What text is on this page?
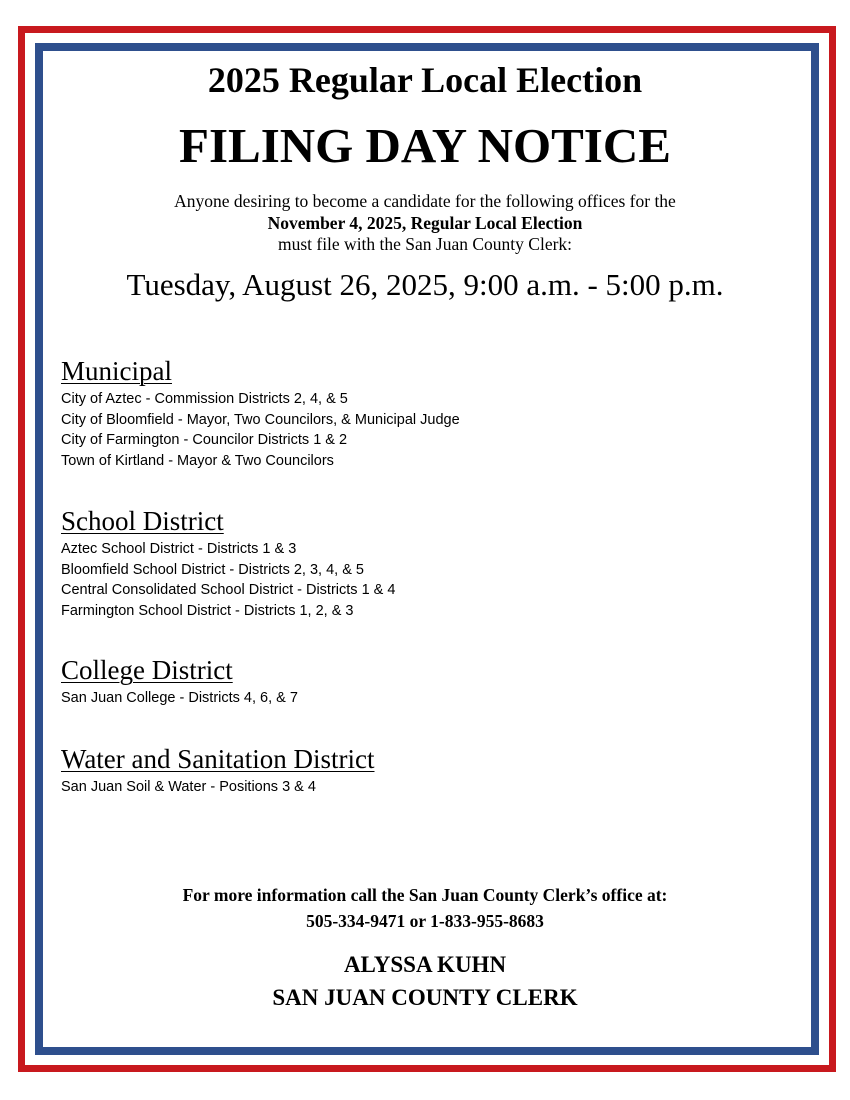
2025 Regular Local Election
FILING DAY NOTICE
Anyone desiring to become a candidate for the following offices for the
November 4, 2025, Regular Local Election
must file with the San Juan County Clerk:
Tuesday, August 26, 2025, 9:00 a.m. - 5:00 p.m.
Municipal
City of Aztec - Commission Districts 2, 4, & 5
City of Bloomfield - Mayor, Two Councilors, & Municipal Judge
City of Farmington - Councilor Districts 1 & 2
Town of Kirtland - Mayor & Two Councilors
School District
Aztec School District - Districts 1 & 3
Bloomfield School District - Districts 2, 3, 4, & 5
Central Consolidated School District - Districts 1 & 4
Farmington School District - Districts 1, 2, & 3
College District
San Juan College - Districts 4, 6, & 7
Water and Sanitation District
San Juan Soil & Water - Positions 3 & 4
For more information call the San Juan County Clerk’s office at:
505-334-9471 or 1-833-955-8683
ALYSSA KUHN
SAN JUAN COUNTY CLERK
